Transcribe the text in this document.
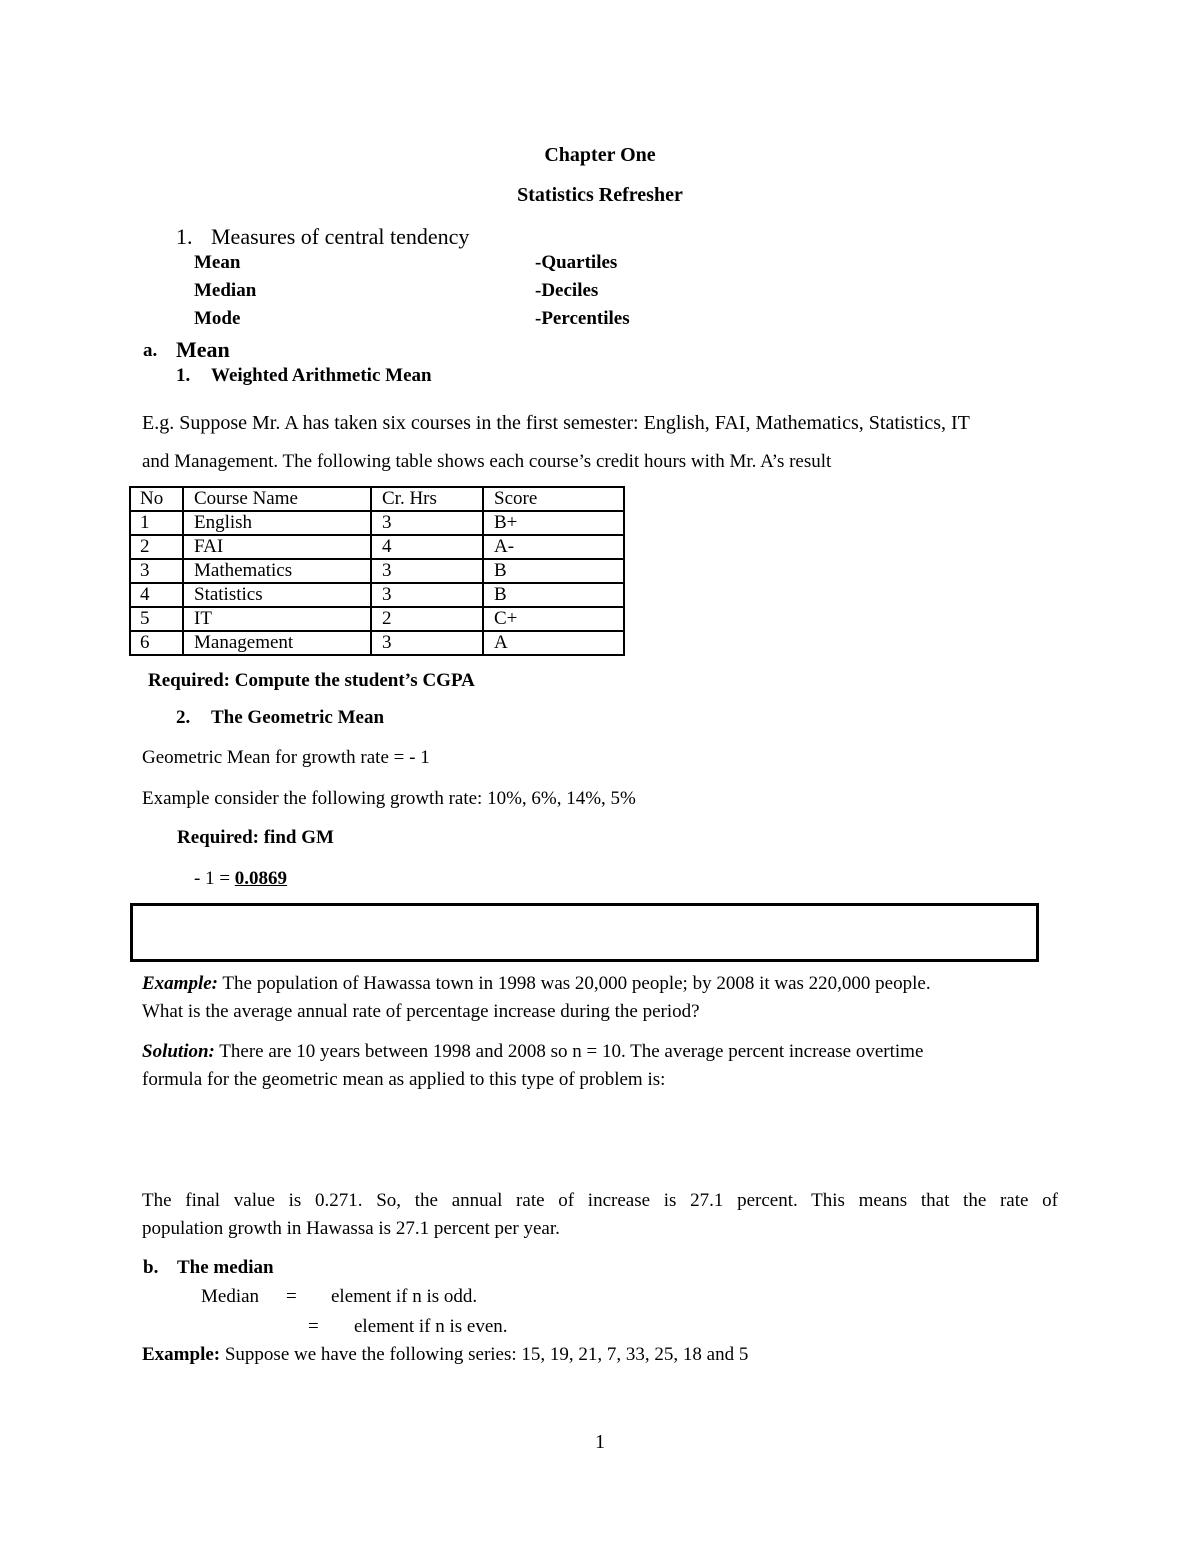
Chapter One
Statistics Refresher
1. Measures of central tendency
Mean
Median
Mode
-Quartiles
-Deciles
-Percentiles
a. Mean
1. Weighted Arithmetic Mean
E.g. Suppose Mr. A has taken six courses in the first semester: English, FAI, Mathematics, Statistics, IT
and Management. The following table shows each course’s credit hours with Mr. A’s result
No	Course Name	Cr. Hrs	Score
1	English	3	B+
2	FAI	4	A-
3	Mathematics	3	B
4	Statistics	3	B
5	IT	2	C+
6	Management	3	A
Required: Compute the student’s CGPA
2. The Geometric Mean
Geometric Mean for growth rate = - 1
Example consider the following growth rate: 10%, 6%, 14%, 5%
Required: find GM
- 1 = 0.0869
Example: The population of Hawassa town in 1998 was 20,000 people; by 2008 it was 220,000 people.
What is the average annual rate of percentage increase during the period?
Solution: There are 10 years between 1998 and 2008 so n = 10. The average percent increase overtime
formula for the geometric mean as applied to this type of problem is:
The final value is 0.271. So, the annual rate of increase is 27.1 percent. This means that the rate of
population growth in Hawassa is 27.1 percent per year.
b. The median
Median = element if n is odd.
= element if n is even.
Example: Suppose we have the following series: 15, 19, 21, 7, 33, 25, 18 and 5
1
